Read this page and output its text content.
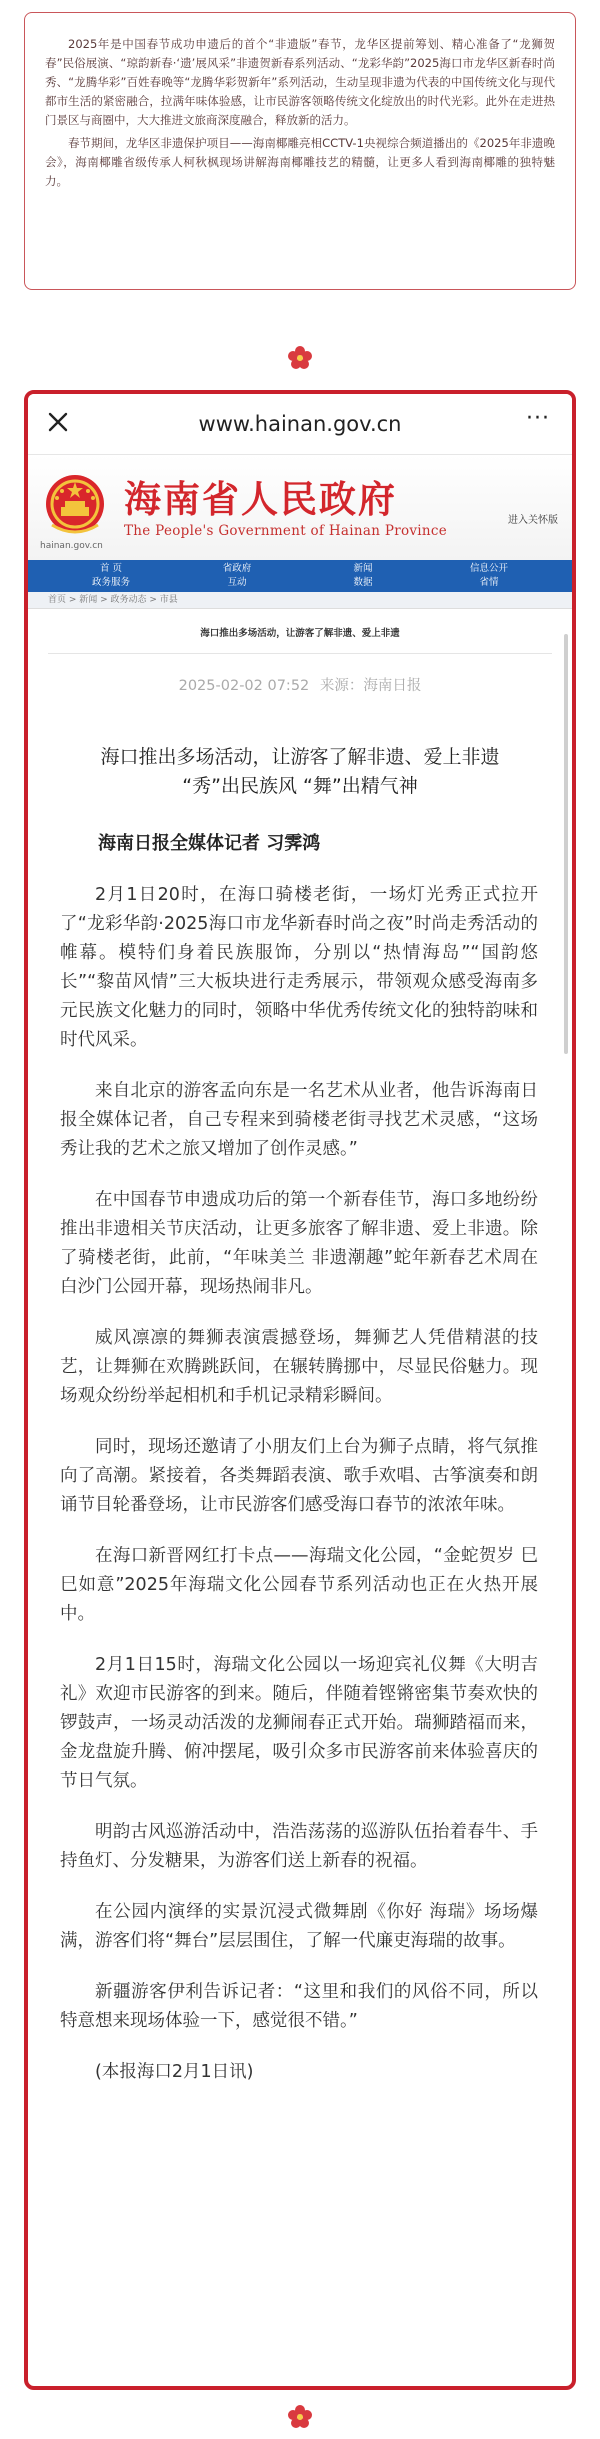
2025年是中国春节成功申遗后的首个“非遗版”春节，龙华区提前筹划、精心准备了“龙狮贺春”民俗展演、“琼韵新春·‘遗’展风采”非遗贺新春系列活动、“龙彩华韵”2025海口市龙华区新春时尚秀、“龙腾华彩”百姓春晚等“龙腾华彩贺新年”系列活动，生动呈现非遗为代表的中国传统文化与现代都市生活的紧密融合，拉满年味体验感，让市民游客领略传统文化绽放出的时代光彩。此外在走进热门景区与商圈中，大大推进文旅商深度融合，释放新的活力。

春节期间，龙华区非遗保护项目——海南椰雕亮相CCTV-1央视综合频道播出的《2025年非遗晚会》，海南椰雕省级传承人柯秋枫现场讲解海南椰雕技艺的精髓，让更多人看到海南椰雕的独特魅力。

www.hainan.gov.cn	···
hainan.gov.cn
海南省人民政府
The People's Government of Hainan Province
进入关怀版
首 页
政务服务
省政府
互动
新闻
数据
信息公开
省情
首页 > 新闻 > 政务动态 > 市县
海口推出多场活动，让游客了解非遗、爱上非遗
2025-02-02 07:52 来源：海南日报
海口推出多场活动，让游客了解非遗、爱上非遗
“秀”出民族风 “舞”出精气神
海南日报全媒体记者 习霁鸿

2月1日20时，在海口骑楼老街，一场灯光秀正式拉开了“龙彩华韵·2025海口市龙华新春时尚之夜”时尚走秀活动的帷幕。模特们身着民族服饰，分别以“热情海岛”“国韵悠长”“黎苗风情”三大板块进行走秀展示，带领观众感受海南多元民族文化魅力的同时，领略中华优秀传统文化的独特韵味和时代风采。

来自北京的游客孟向东是一名艺术从业者，他告诉海南日报全媒体记者，自己专程来到骑楼老街寻找艺术灵感，“这场秀让我的艺术之旅又增加了创作灵感。”

在中国春节申遗成功后的第一个新春佳节，海口多地纷纷推出非遗相关节庆活动，让更多旅客了解非遗、爱上非遗。除了骑楼老街，此前，“年味美兰 非遗潮趣”蛇年新春艺术周在白沙门公园开幕，现场热闹非凡。

威风凛凛的舞狮表演震撼登场，舞狮艺人凭借精湛的技艺，让舞狮在欢腾跳跃间，在辗转腾挪中，尽显民俗魅力。现场观众纷纷举起相机和手机记录精彩瞬间。

同时，现场还邀请了小朋友们上台为狮子点睛，将气氛推向了高潮。紧接着，各类舞蹈表演、歌手欢唱、古筝演奏和朗诵节目轮番登场，让市民游客们感受海口春节的浓浓年味。

在海口新晋网红打卡点——海瑞文化公园，“金蛇贺岁 巳巳如意”2025年海瑞文化公园春节系列活动也正在火热开展中。

2月1日15时，海瑞文化公园以一场迎宾礼仪舞《大明吉礼》欢迎市民游客的到来。随后，伴随着铿锵密集节奏欢快的锣鼓声，一场灵动活泼的龙狮闹春正式开始。瑞狮踏福而来，金龙盘旋升腾、俯冲摆尾，吸引众多市民游客前来体验喜庆的节日气氛。

明韵古风巡游活动中，浩浩荡荡的巡游队伍抬着春牛、手持鱼灯、分发糖果，为游客们送上新春的祝福。

在公园内演绎的实景沉浸式微舞剧《你好 海瑞》场场爆满，游客们将“舞台”层层围住，了解一代廉吏海瑞的故事。

新疆游客伊利告诉记者：“这里和我们的风俗不同，所以特意想来现场体验一下，感觉很不错。”

(本报海口2月1日讯)
